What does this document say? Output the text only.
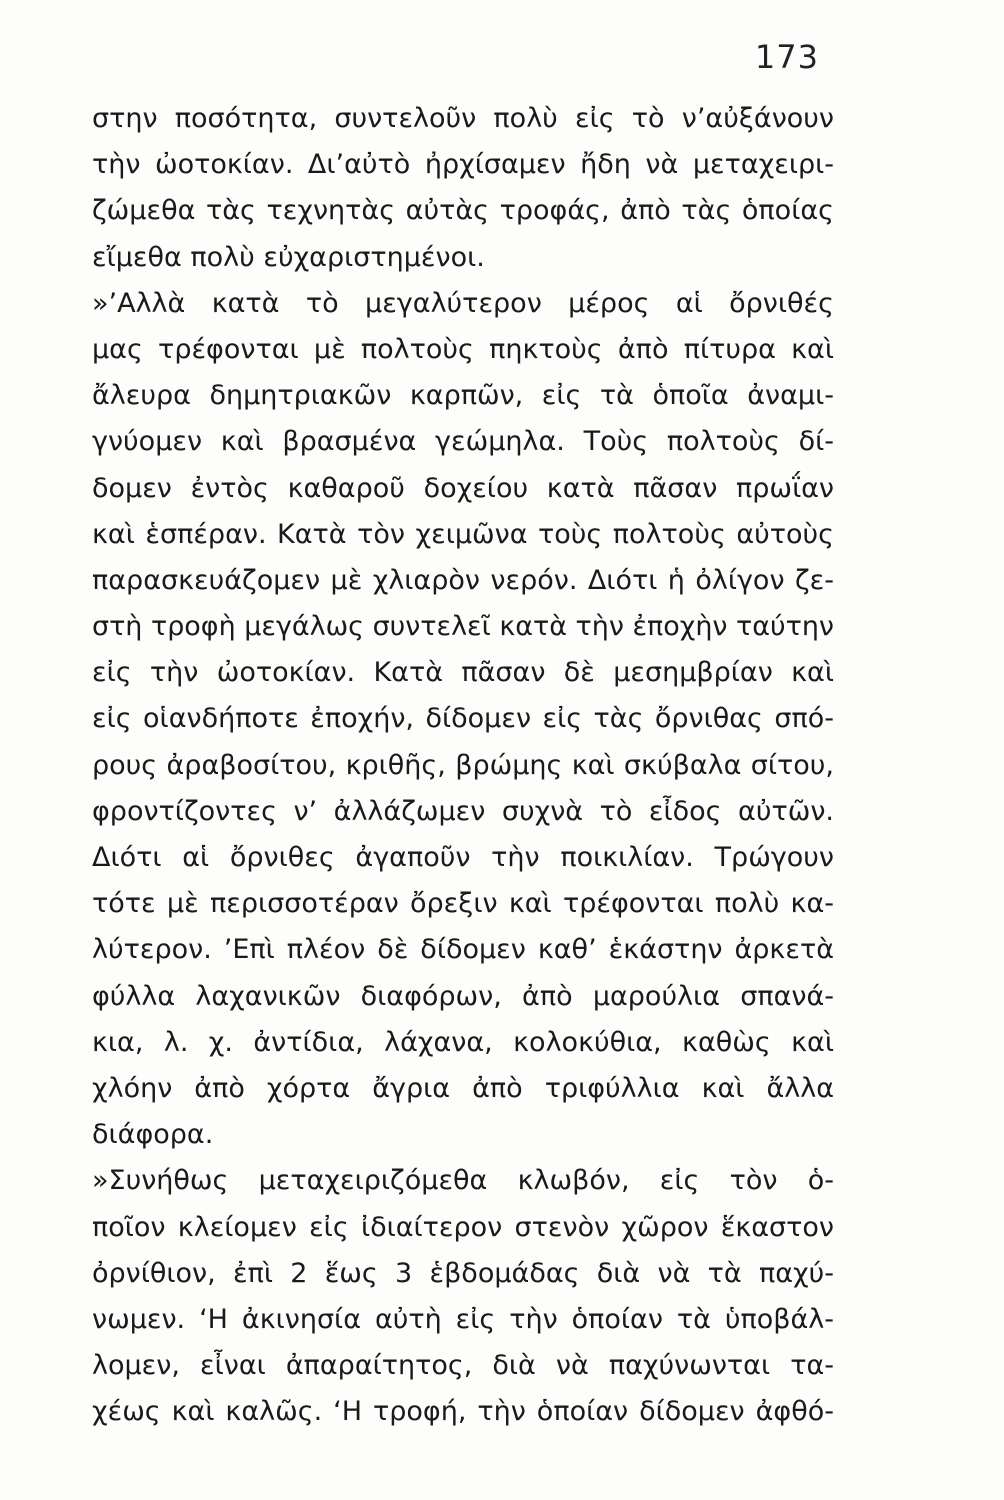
173
στην ποσότητα, συντελοῦν πολὺ εἰς τὸ ν’αὐξάνουν
τὴν ὠοτοκίαν. Δι’αὐτὸ ἠρχίσαμεν ἤδη νὰ μεταχειρι-
ζώμεθα τὰς τεχνητὰς αὐτὰς τροφάς, ἀπὸ τὰς ὁποίας
εἴμεθα πολὺ εὐχαριστημένοι.
»’Αλλὰ κατὰ τὸ μεγαλύτερον μέρος αἱ ὄρνιθές
μας τρέφονται μὲ πολτοὺς πηκτοὺς ἀπὸ πίτυρα καὶ
ἄλευρα δημητριακῶν καρπῶν, εἰς τὰ ὁποῖα ἀναμι-
γνύομεν καὶ βρασμένα γεώμηλα. Τοὺς πολτοὺς δί-
δομεν ἐντὸς καθαροῦ δοχείου κατὰ πᾶσαν πρωΐαν
καὶ ἑσπέραν. Κατὰ τὸν χειμῶνα τοὺς πολτοὺς αὐτοὺς
παρασκευάζομεν μὲ χλιαρὸν νερόν. Διότι ἡ ὀλίγον ζε-
στὴ τροφὴ μεγάλως συντελεῖ κατὰ τὴν ἐποχὴν ταύτην
εἰς τὴν ὠοτοκίαν. Κατὰ πᾶσαν δὲ μεσημβρίαν καὶ
εἰς οἱανδήποτε ἐποχήν, δίδομεν εἰς τὰς ὄρνιθας σπό-
ρους ἀραβοσίτου, κριθῆς, βρώμης καὶ σκύβαλα σίτου,
φροντίζοντες ν’ ἀλλάζωμεν συχνὰ τὸ εἶδος αὐτῶν.
Διότι αἱ ὄρνιθες ἀγαποῦν τὴν ποικιλίαν. Τρώγουν
τότε μὲ περισσοτέραν ὄρεξιν καὶ τρέφονται πολὺ κα-
λύτερον. ’Επὶ πλέον δὲ δίδομεν καθ’ ἑκάστην ἀρκετὰ
φύλλα λαχανικῶν διαφόρων, ἀπὸ μαρούλια σπανά-
κια, λ. χ. ἀντίδια, λάχανα, κολοκύθια, καθὼς καὶ
χλόην ἀπὸ χόρτα ἄγρια ἀπὸ τριφύλλια καὶ ἄλλα
διάφορα.
»Συνήθως μεταχειριζόμεθα κλωβόν, εἰς τὸν ὁ-
ποῖον κλείομεν εἰς ἰδιαίτερον στενὸν χῶρον ἕκαστον
ὀρνίθιον, ἐπὶ 2 ἕως 3 ἑβδομάδας διὰ νὰ τὰ παχύ-
νωμεν. ‘Η ἀκινησία αὐτὴ εἰς τὴν ὁποίαν τὰ ὑποβάλ-
λομεν, εἶναι ἀπαραίτητος, διὰ νὰ παχύνωνται τα-
χέως καὶ καλῶς. ‘Η τροφή, τὴν ὁποίαν δίδομεν ἀφθό-
